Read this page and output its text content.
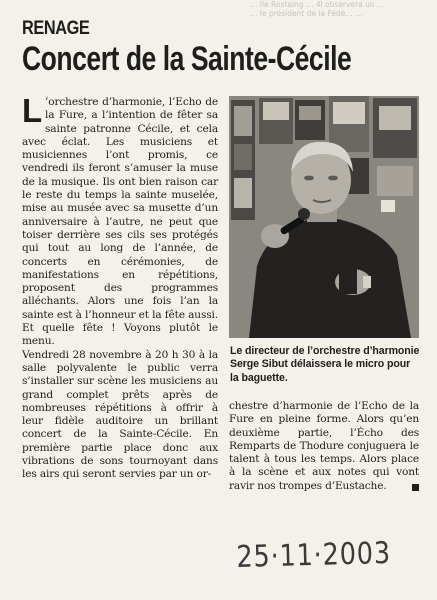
… lle Rostaing … 4l observera un …
… le président de la Fédé… …
RENAGE
Concert de la Sainte-Cécile
L ’orchestre d’harmonie, l’Echo de la Fure, a l’intention de fêter sa sainte patronne Cécile, et cela avec éclat. Les musiciens et musiciennes l’ont promis, ce vendredi ils feront s’amuser la muse de la musique. Ils ont bien raison car le reste du temps la sainte muselée, mise au musée avec sa musette d’un anniversaire à l’autre, ne peut que toiser derrière ses cils ses protégés qui tout au long de l’année, de concerts en cérémonies, de manifestations en répétitions, proposent des programmes alléchants. Alors une fois l’an la sainte est à l’honneur et la fête aussi. Et quelle fête ! Voyons plutôt le menu.

Vendredi 28 novembre à 20 h 30 à la salle polyvalente le public verra s’installer sur scène les musiciens au grand complet prêts après de nombreuses répétitions à offrir à leur fidèle auditoire un brillant concert de la Sainte-Cécile. En première partie place donc aux vibrations de sons tournoyant dans les airs qui seront servies par un or-

Le directeur de l’orchestre d’harmonie Serge Sibut délaissera le micro pour la baguette.

chestre d’harmonie de l’Echo de la Fure en pleine forme. Alors qu’en deuxième partie, l’Écho des Remparts de Thodure conjuguera le talent à tous les temps. Alors place à la scène et aux notes qui vont ravir nos trompes d’Eustache.

25·11·2003
